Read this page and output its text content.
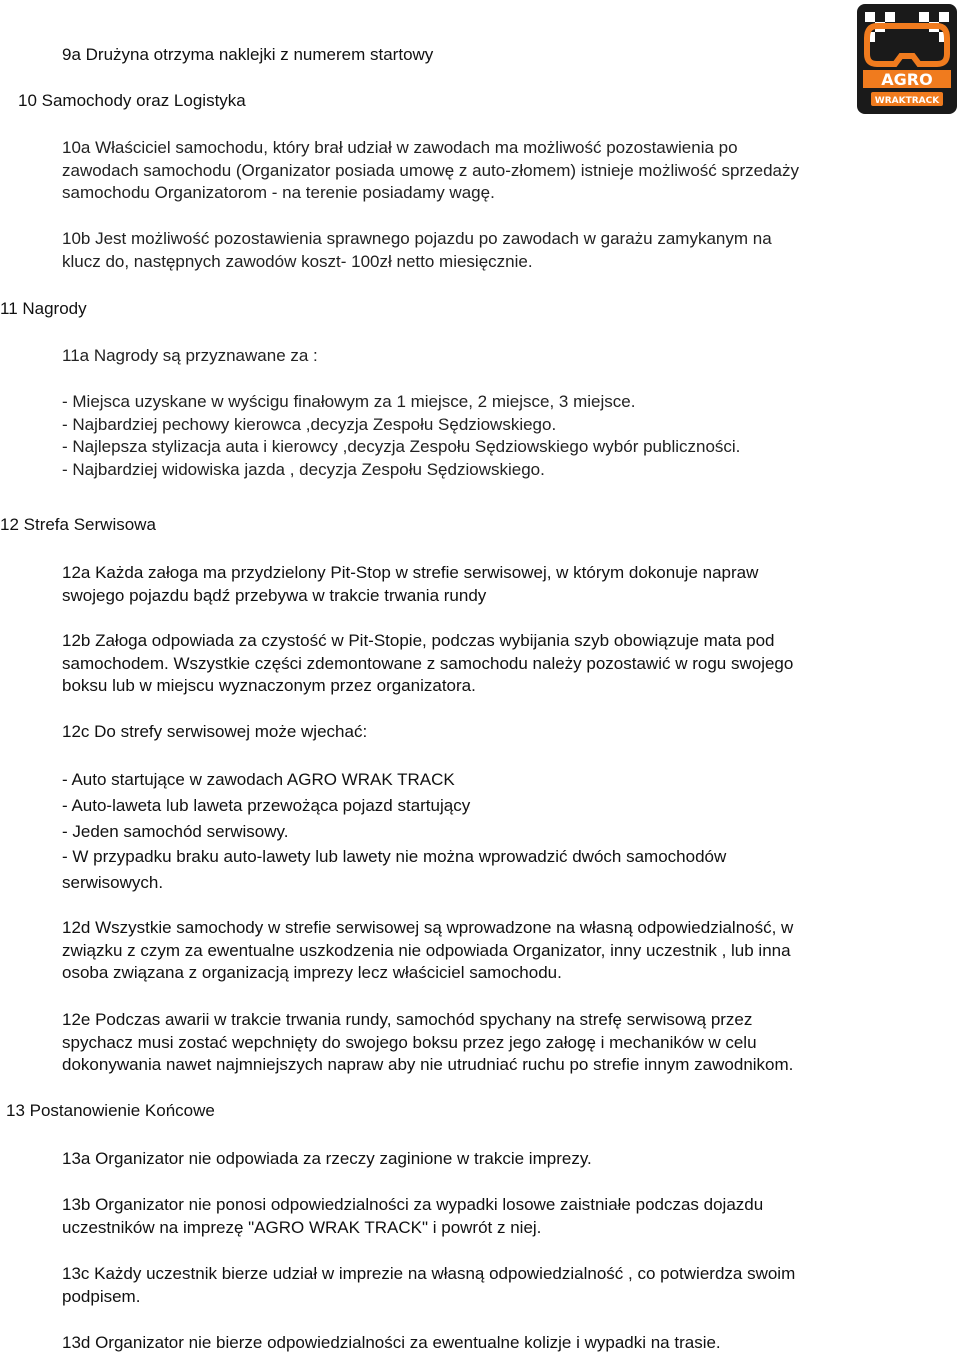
AGRO
WRAKTRACK
9a Drużyna otrzyma naklejki z numerem startowy
10 Samochody oraz Logistyka
10a Właściciel samochodu, który brał udział w zawodach ma możliwość pozostawienia po
zawodach samochodu (Organizator posiada umowę z auto-złomem) istnieje możliwość sprzedaży
samochodu Organizatorom - na terenie posiadamy wagę.
10b Jest możliwość pozostawienia sprawnego pojazdu po zawodach w garażu zamykanym na
klucz do, następnych zawodów koszt- 100zł netto miesięcznie.
11 Nagrody
11a Nagrody są przyznawane za :
- Miejsca uzyskane w wyścigu finałowym za 1 miejsce, 2 miejsce, 3 miejsce.
- Najbardziej pechowy kierowca ,decyzja Zespołu Sędziowskiego.
- Najlepsza stylizacja auta i kierowcy ,decyzja Zespołu Sędziowskiego wybór publiczności.
- Najbardziej widowiska jazda , decyzja Zespołu Sędziowskiego.
12 Strefa Serwisowa
12a Każda załoga ma przydzielony Pit-Stop w strefie serwisowej, w którym dokonuje napraw
swojego pojazdu bądź przebywa w trakcie trwania rundy
12b Załoga odpowiada za czystość w Pit-Stopie, podczas wybijania szyb obowiązuje mata pod
samochodem. Wszystkie części zdemontowane z samochodu należy pozostawić w rogu swojego
boksu lub w miejscu wyznaczonym przez organizatora.
12c Do strefy serwisowej może wjechać:
- Auto startujące w zawodach AGRO WRAK TRACK
- Auto-laweta lub laweta przewożąca pojazd startujący
- Jeden samochód serwisowy.
- W przypadku braku auto-lawety lub lawety nie można wprowadzić dwóch samochodów
serwisowych.
12d Wszystkie samochody w strefie serwisowej są wprowadzone na własną odpowiedzialność, w
związku z czym za ewentualne uszkodzenia nie odpowiada Organizator, inny uczestnik , lub inna
osoba związana z organizacją imprezy lecz właściciel samochodu.
12e Podczas awarii w trakcie trwania rundy, samochód spychany na strefę serwisową przez
spychacz musi zostać wepchnięty do swojego boksu przez jego załogę i mechaników w celu
dokonywania nawet najmniejszych napraw aby nie utrudniać ruchu po strefie innym zawodnikom.
13 Postanowienie Końcowe
13a Organizator nie odpowiada za rzeczy zaginione w trakcie imprezy.
13b Organizator nie ponosi odpowiedzialności za wypadki losowe zaistniałe podczas dojazdu
uczestników na imprezę "AGRO WRAK TRACK" i powrót z niej.
13c Każdy uczestnik bierze udział w imprezie na własną odpowiedzialność , co potwierdza swoim
podpisem.
13d Organizator nie bierze odpowiedzialności za ewentualne kolizje i wypadki na trasie.
